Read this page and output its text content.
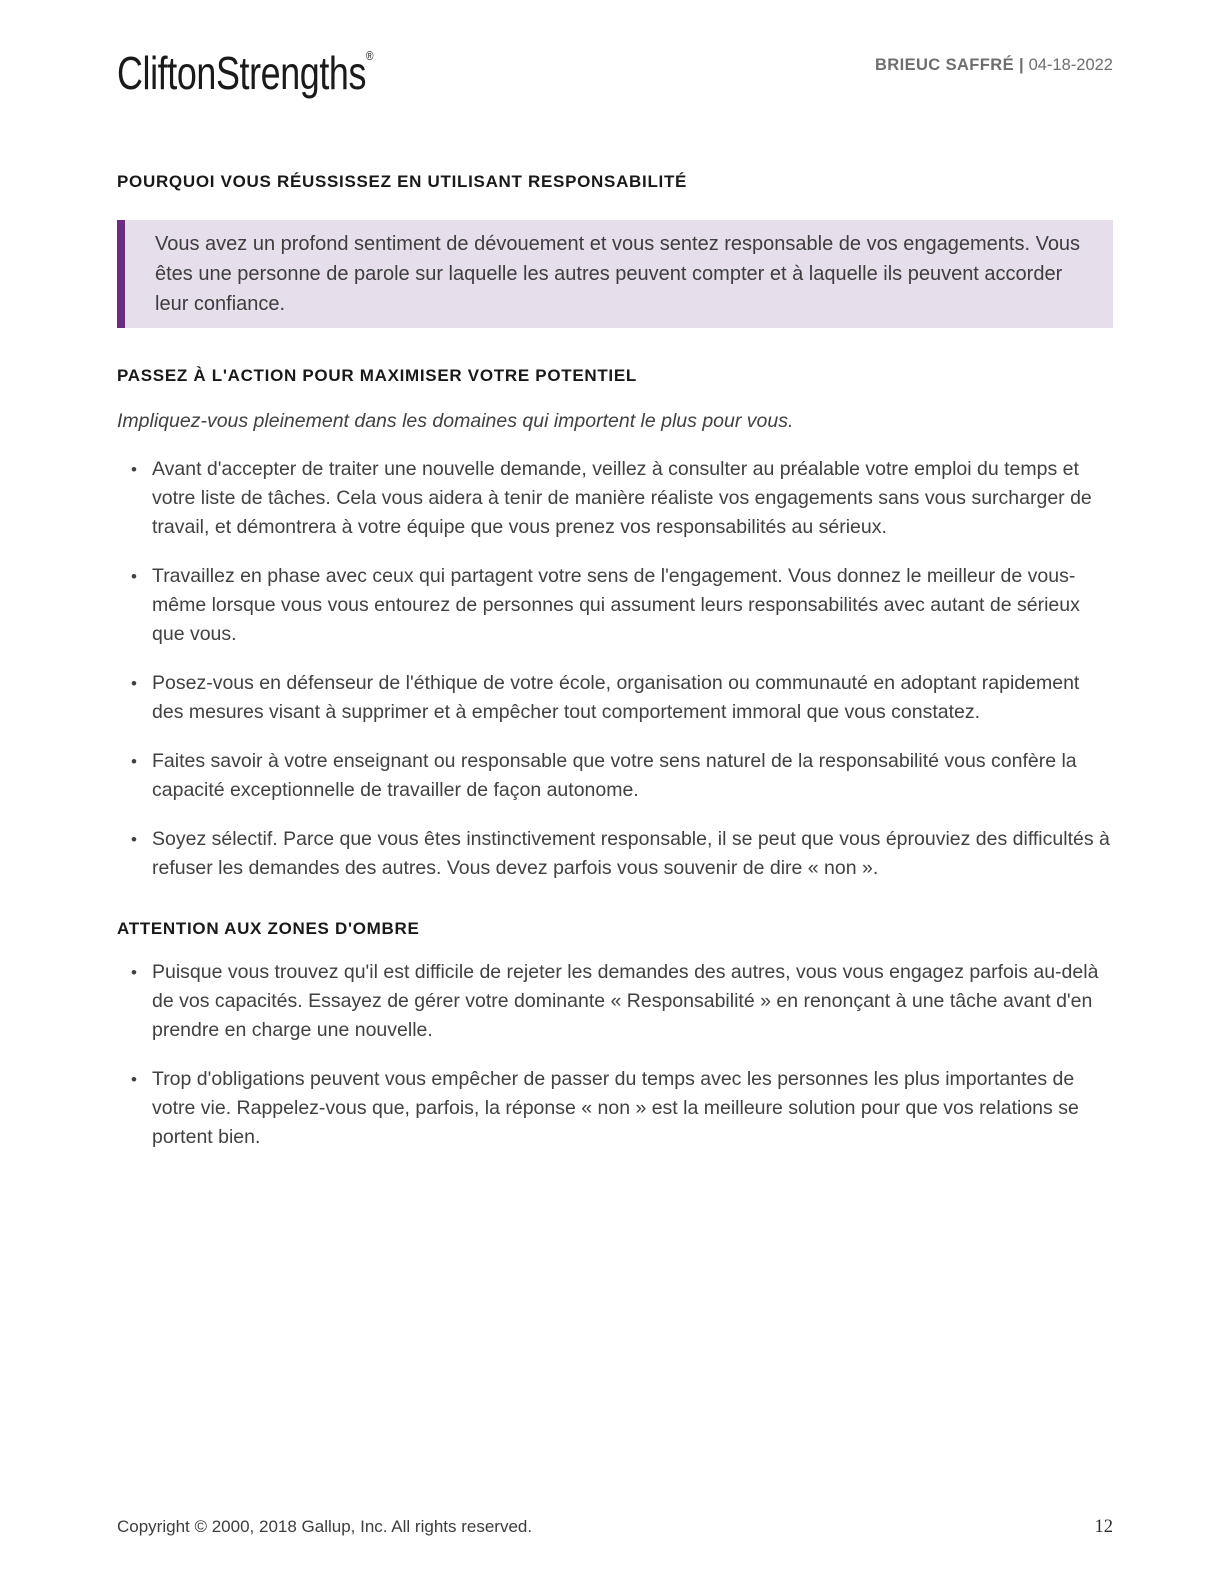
CliftonStrengths®
BRIEUC SAFFRÉ | 04-18-2022
POURQUOI VOUS RÉUSSISSEZ EN UTILISANT RESPONSABILITÉ
Vous avez un profond sentiment de dévouement et vous sentez responsable de vos engagements. Vous êtes une personne de parole sur laquelle les autres peuvent compter et à laquelle ils peuvent accorder leur confiance.
PASSEZ À L'ACTION POUR MAXIMISER VOTRE POTENTIEL

Impliquez-vous pleinement dans les domaines qui importent le plus pour vous.

• Avant d'accepter de traiter une nouvelle demande, veillez à consulter au préalable votre emploi du temps et votre liste de tâches. Cela vous aidera à tenir de manière réaliste vos engagements sans vous surcharger de travail, et démontrera à votre équipe que vous prenez vos responsabilités au sérieux.
• Travaillez en phase avec ceux qui partagent votre sens de l'engagement. Vous donnez le meilleur de vous-même lorsque vous vous entourez de personnes qui assument leurs responsabilités avec autant de sérieux que vous.
• Posez-vous en défenseur de l'éthique de votre école, organisation ou communauté en adoptant rapidement des mesures visant à supprimer et à empêcher tout comportement immoral que vous constatez.
• Faites savoir à votre enseignant ou responsable que votre sens naturel de la responsabilité vous confère la capacité exceptionnelle de travailler de façon autonome.
• Soyez sélectif. Parce que vous êtes instinctivement responsable, il se peut que vous éprouviez des difficultés à refuser les demandes des autres. Vous devez parfois vous souvenir de dire « non ».
ATTENTION AUX ZONES D'OMBRE
• Puisque vous trouvez qu'il est difficile de rejeter les demandes des autres, vous vous engagez parfois au-delà de vos capacités. Essayez de gérer votre dominante « Responsabilité » en renonçant à une tâche avant d'en prendre en charge une nouvelle.
• Trop d'obligations peuvent vous empêcher de passer du temps avec les personnes les plus importantes de votre vie. Rappelez-vous que, parfois, la réponse « non » est la meilleure solution pour que vos relations se portent bien.
Copyright © 2000, 2018 Gallup, Inc. All rights reserved.	12
